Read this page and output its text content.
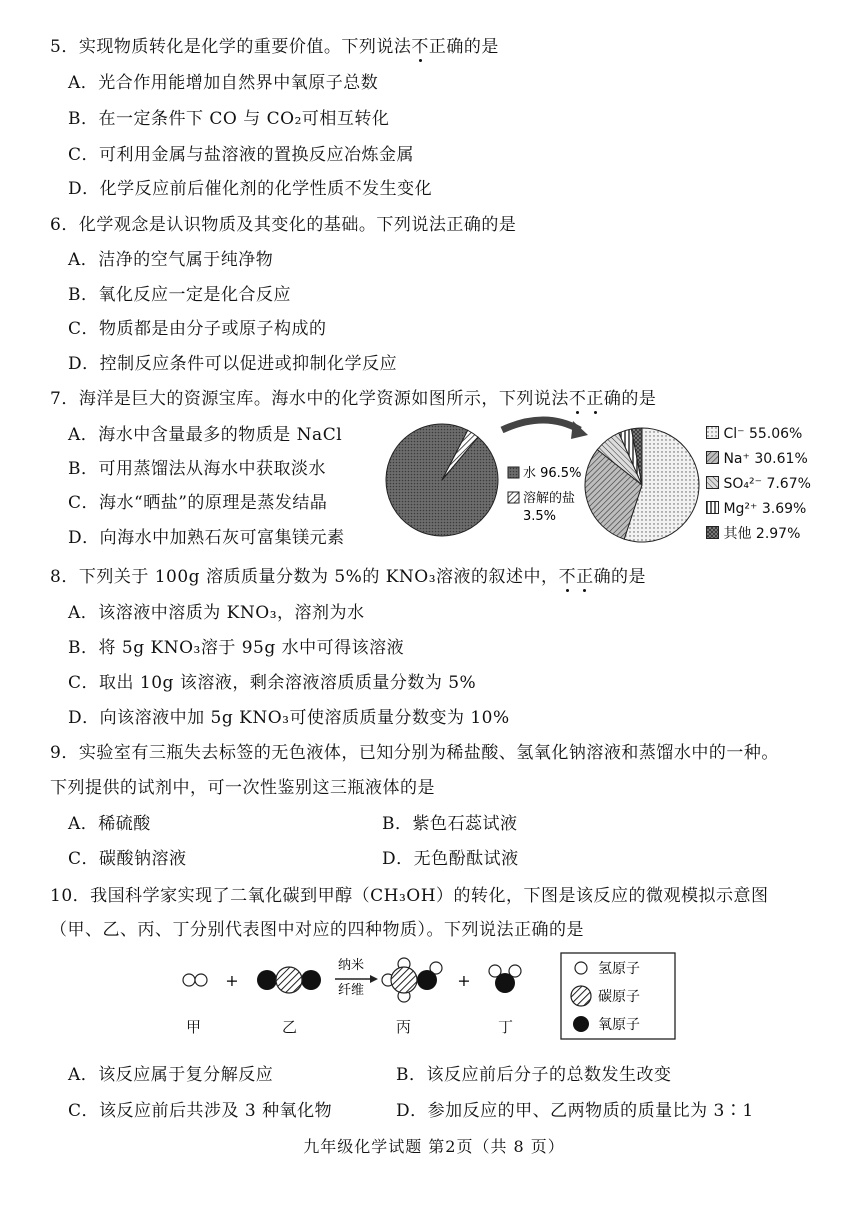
5．实现物质转化是化学的重要价值。下列说法不正确的是
A．光合作用能增加自然界中氧原子总数
B．在一定条件下 CO 与 CO₂可相互转化
C．可利用金属与盐溶液的置换反应冶炼金属
D．化学反应前后催化剂的化学性质不发生变化
6．化学观念是认识物质及其变化的基础。下列说法正确的是
A．洁净的空气属于纯净物
B．氧化反应一定是化合反应
C．物质都是由分子或原子构成的
D．控制反应条件可以促进或抑制化学反应
7．海洋是巨大的资源宝库。海水中的化学资源如图所示，下列说法不正确的是
A．海水中含量最多的物质是 NaCl
B．可用蒸馏法从海水中获取淡水
C．海水“晒盐”的原理是蒸发结晶
D．向海水中加熟石灰可富集镁元素
水 96.5%
溶解的盐
3.5%
Cl⁻ 55.06%
Na⁺ 30.61%
SO₄²⁻ 7.67%
Mg²⁺ 3.69%
其他 2.97%
8．下列关于 100g 溶质质量分数为 5%的 KNO₃溶液的叙述中，不正确的是
A．该溶液中溶质为 KNO₃，溶剂为水
B．将 5g KNO₃溶于 95g 水中可得该溶液
C．取出 10g 该溶液，剩余溶液溶质质量分数为 5%
D．向该溶液中加 5g KNO₃可使溶质质量分数变为 10%
9．实验室有三瓶失去标签的无色液体，已知分别为稀盐酸、氢氧化钠溶液和蒸馏水中的一种。
下列提供的试剂中，可一次性鉴别这三瓶液体的是
A．稀硫酸	B．紫色石蕊试液
C．碳酸钠溶液	D．无色酚酞试液
10．我国科学家实现了二氧化碳到甲醇（CH₃OH）的转化，下图是该反应的微观模拟示意图
（甲、乙、丙、丁分别代表图中对应的四种物质）。下列说法正确的是
+
纳米
纤维
+
氢原子
碳原子
氧原子
甲	乙	丙	丁
A．该反应属于复分解反应	B．该反应前后分子的总数发生改变
C．该反应前后共涉及 3 种氧化物	D．参加反应的甲、乙两物质的质量比为 3∶1
九年级化学试题 第2页（共 8 页）
